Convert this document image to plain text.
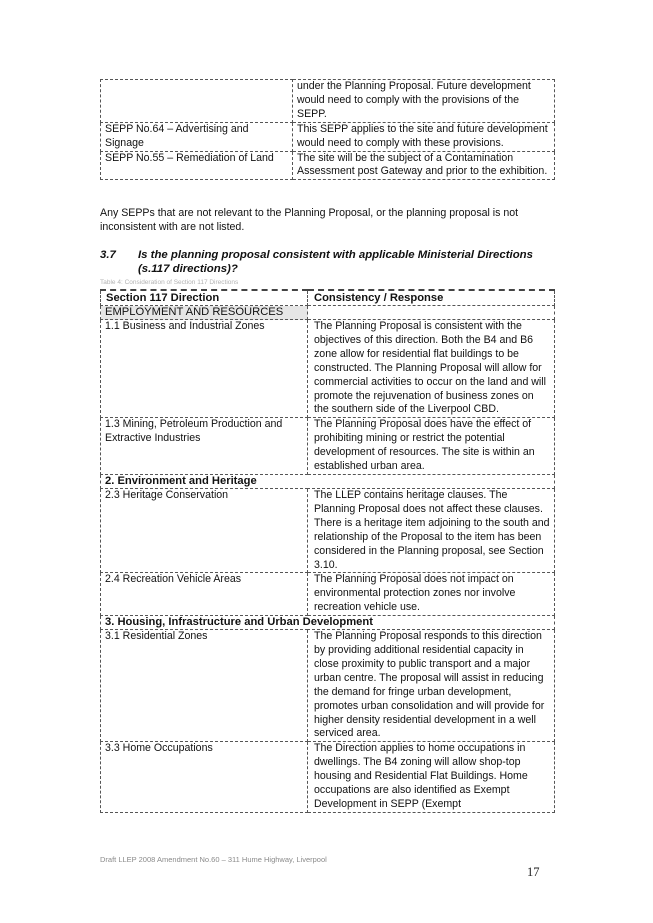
	under the Planning Proposal. Future development would need to comply with the provisions of the SEPP.
SEPP No.64 – Advertising and Signage	This SEPP applies to the site and future development would need to comply with these provisions.
SEPP No.55 – Remediation of Land	The site will be the subject of a Contamination Assessment post Gateway and prior to the exhibition.
Any SEPPs that are not relevant to the Planning Proposal, or the planning proposal is not inconsistent with are not listed.
3.7 Is the planning proposal consistent with applicable Ministerial Directions (s.117 directions)?
Table 4: Consideration of Section 117 Directions
Section 117 Direction	Consistency / Response
EMPLOYMENT AND RESOURCES	
1.1 Business and Industrial Zones	The Planning Proposal is consistent with the objectives of this direction. Both the B4 and B6 zone allow for residential flat buildings to be constructed. The Planning Proposal will allow for commercial activities to occur on the land and will promote the rejuvenation of business zones on the southern side of the Liverpool CBD.
1.3 Mining, Petroleum Production and Extractive Industries	The Planning Proposal does have the effect of prohibiting mining or restrict the potential development of resources. The site is within an established urban area.
2. Environment and Heritage	
2.3 Heritage Conservation	The LLEP contains heritage clauses. The Planning Proposal does not affect these clauses. There is a heritage item adjoining to the south and relationship of the Proposal to the item has been considered in the Planning proposal, see Section 3.10.
2.4 Recreation Vehicle Areas	The Planning Proposal does not impact on environmental protection zones nor involve recreation vehicle use.
3. Housing, Infrastructure and Urban Development	
3.1 Residential Zones	The Planning Proposal responds to this direction by providing additional residential capacity in close proximity to public transport and a major urban centre. The proposal will assist in reducing the demand for fringe urban development, promotes urban consolidation and will provide for higher density residential development in a well serviced area.
3.3 Home Occupations	The Direction applies to home occupations in dwellings. The B4 zoning will allow shop-top housing and Residential Flat Buildings. Home occupations are also identified as Exempt Development in SEPP (Exempt
Draft LLEP 2008 Amendment No.60 – 311 Hume Highway, Liverpool
17
